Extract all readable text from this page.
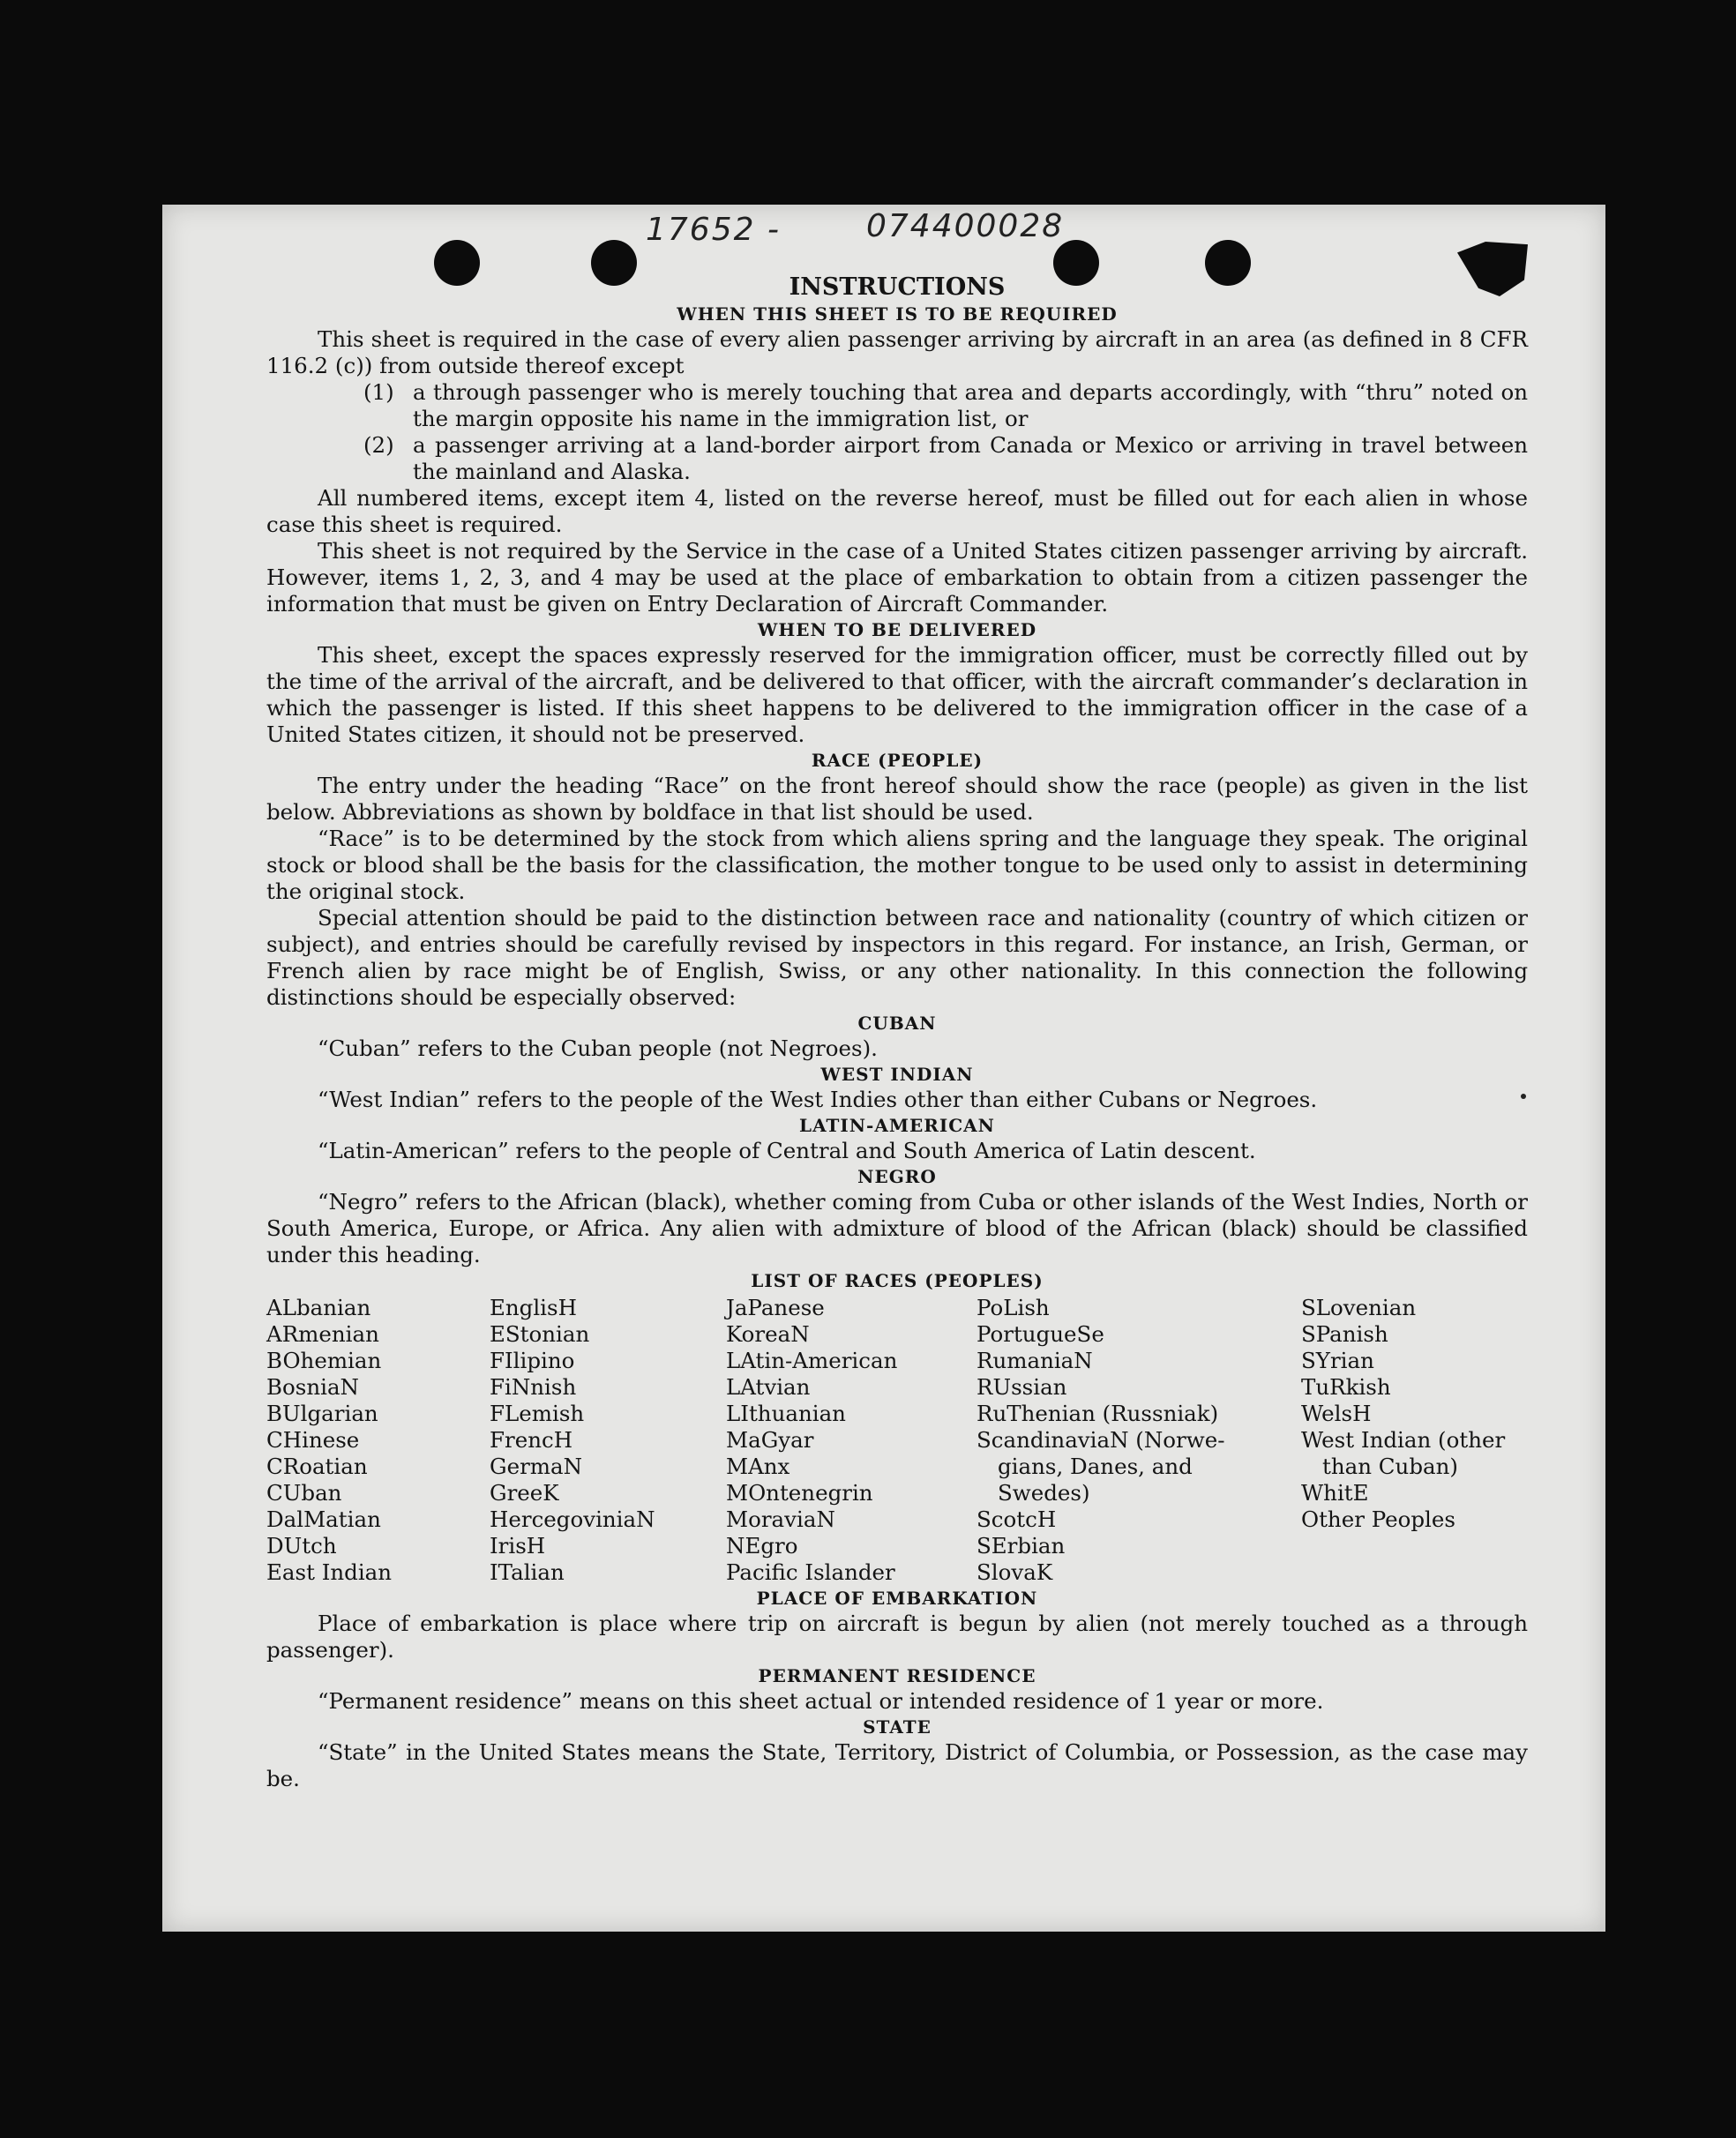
17652 -	074400028
INSTRUCTIONS
WHEN THIS SHEET IS TO BE REQUIRED

This sheet is required in the case of every alien passenger arriving by aircraft in an area (as defined in 8 CFR 116.2 (c)) from outside thereof except

(1) a through passenger who is merely touching that area and departs accordingly, with “thru” noted on the margin opposite his name in the immigration list, or
(2) a passenger arriving at a land-border airport from Canada or Mexico or arriving in travel between the mainland and Alaska.

All numbered items, except item 4, listed on the reverse hereof, must be filled out for each alien in whose case this sheet is required.

This sheet is not required by the Service in the case of a United States citizen passenger arriving by aircraft. However, items 1, 2, 3, and 4 may be used at the place of embarkation to obtain from a citizen passenger the information that must be given on Entry Declaration of Aircraft Commander.

WHEN TO BE DELIVERED

This sheet, except the spaces expressly reserved for the immigration officer, must be correctly filled out by the time of the arrival of the aircraft, and be delivered to that officer, with the aircraft commander’s declaration in which the passenger is listed. If this sheet happens to be delivered to the immigration officer in the case of a United States citizen, it should not be preserved.

RACE (PEOPLE)

The entry under the heading “Race” on the front hereof should show the race (people) as given in the list below. Abbreviations as shown by boldface in that list should be used.

“Race” is to be determined by the stock from which aliens spring and the language they speak. The original stock or blood shall be the basis for the classification, the mother tongue to be used only to assist in determining the original stock.

Special attention should be paid to the distinction between race and nationality (country of which citizen or subject), and entries should be carefully revised by inspectors in this regard. For instance, an Irish, German, or French alien by race might be of English, Swiss, or any other nationality. In this connection the following distinctions should be especially observed:

CUBAN

“Cuban” refers to the Cuban people (not Negroes).

WEST INDIAN

“West Indian” refers to the people of the West Indies other than either Cubans or Negroes.

LATIN-AMERICAN

“Latin-American” refers to the people of Central and South America of Latin descent.

NEGRO

“Negro” refers to the African (black), whether coming from Cuba or other islands of the West Indies, North or South America, Europe, or Africa. Any alien with admixture of blood of the African (black) should be classified under this heading.

LIST OF RACES (PEOPLES)
ALbanian
ARmenian
BOhemian
BosniaN
BUlgarian
CHinese
CRoatian
CUban
DalMatian
DUtch
East Indian
EnglisH
EStonian
FIlipino
FiNnish
FLemish
FrencH
GermaN
GreeK
HercegoviniaN
IrisH
ITalian
JaPanese
KoreaN
LAtin-American
LAtvian
LIthuanian
MaGyar
MAnx
MOntenegrin
MoraviaN
NEgro
Pacific Islander
PoLish
PortugueSe
RumaniaN
RUssian
RuThenian (Russniak)
ScandinaviaN (Norwe-
gians, Danes, and
Swedes)
ScotcH
SErbian
SlovaK
SLovenian
SPanish
SYrian
TuRkish
WelsH
West Indian (other
than Cuban)
WhitE
Other Peoples
PLACE OF EMBARKATION

Place of embarkation is place where trip on aircraft is begun by alien (not merely touched as a through passenger).

PERMANENT RESIDENCE

“Permanent residence” means on this sheet actual or intended residence of 1 year or more.

STATE

“State” in the United States means the State, Territory, District of Columbia, or Possession, as the case may be.
